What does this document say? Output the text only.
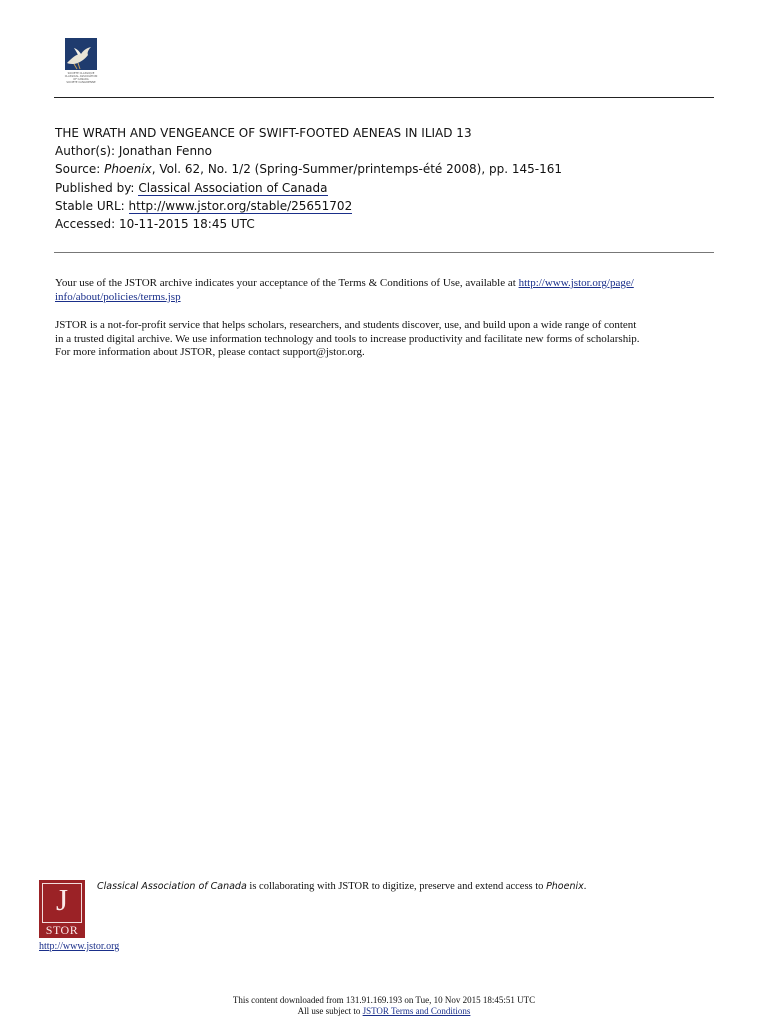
SOCIETE CLASSIQUE
CLASSICAL ASSOCIATION
OF CANADA
SOCIETE CANADIENNE
THE WRATH AND VENGEANCE OF SWIFT-FOOTED AENEAS IN ILIAD 13
Author(s): Jonathan Fenno
Source: Phoenix, Vol. 62, No. 1/2 (Spring-Summer/printemps-été 2008), pp. 145-161
Published by: Classical Association of Canada
Stable URL: http://www.jstor.org/stable/25651702
Accessed: 10-11-2015 18:45 UTC
Your use of the JSTOR archive indicates your acceptance of the Terms & Conditions of Use, available at http://www.jstor.org/page/
info/about/policies/terms.jsp
JSTOR is a not-for-profit service that helps scholars, researchers, and students discover, use, and build upon a wide range of content
in a trusted digital archive. We use information technology and tools to increase productivity and facilitate new forms of scholarship.
For more information about JSTOR, please contact support@jstor.org.
J
STOR
http://www.jstor.org
Classical Association of Canada is collaborating with JSTOR to digitize, preserve and extend access to Phoenix.
This content downloaded from 131.91.169.193 on Tue, 10 Nov 2015 18:45:51 UTC
All use subject to JSTOR Terms and Conditions
